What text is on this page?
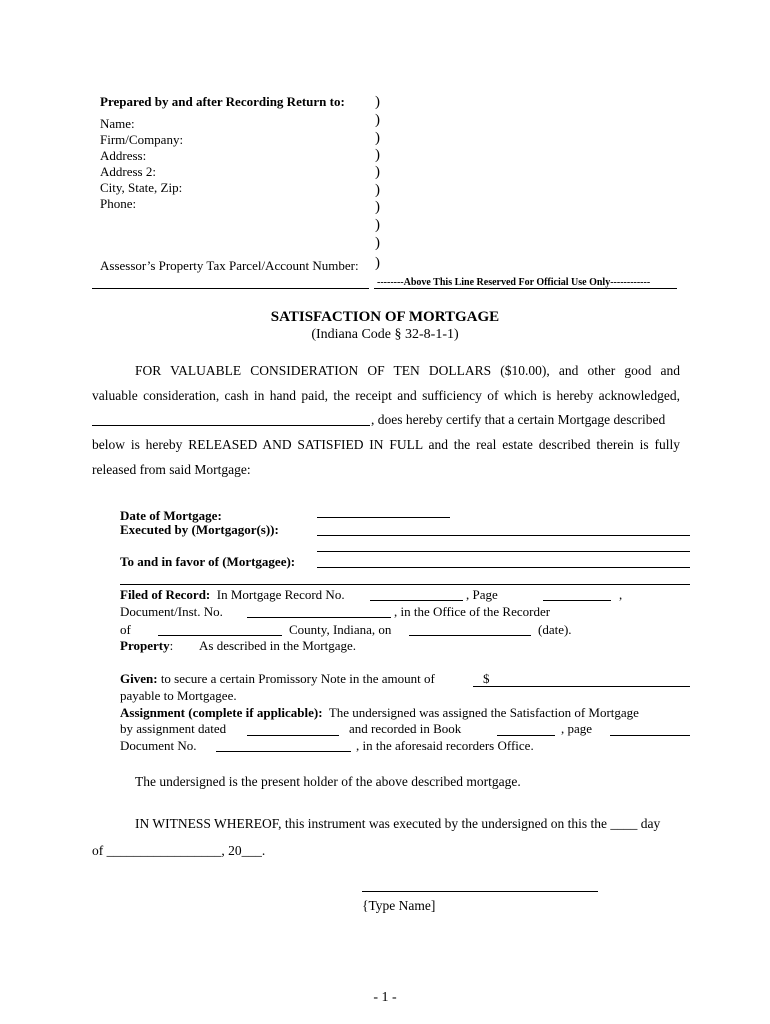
Prepared by and after Recording Return to:
Name:
Firm/Company:
Address:
Address 2:
City, State, Zip:
Phone:
Assessor’s Property Tax Parcel/Account Number:
)
)
)
)
)
)
)
)
)
)
--------Above This Line Reserved For Official Use Only------------
SATISFACTION OF MORTGAGE
(Indiana Code § 32-8-1-1)
FOR VALUABLE CONSIDERATION OF TEN DOLLARS ($10.00), and other good and
valuable consideration, cash in hand paid, the receipt and sufficiency of which is hereby acknowledged,
, does hereby certify that a certain Mortgage described
below is hereby RELEASED AND SATISFIED IN FULL and the real estate described therein is fully
released from said Mortgage:
Date of Mortgage:
Executed by (Mortgagor(s)):
To and in favor of (Mortgagee):
Filed of Record: In Mortgage Record No.	, Page	,
Document/Inst. No.	, in the Office of the Recorder
of	County, Indiana, on	(date).
Property: As described in the Mortgage.
Given: to secure a certain Promissory Note in the amount of	$
payable to Mortgagee.
Assignment (complete if applicable): The undersigned was assigned the Satisfaction of Mortgage
by assignment dated	and recorded in Book	, page
Document No.	, in the aforesaid recorders Office.
The undersigned is the present holder of the above described mortgage.
IN WITNESS WHEREOF, this instrument was executed by the undersigned on this the ____ day
of _________________, 20___.
{Type Name]
- 1 -
